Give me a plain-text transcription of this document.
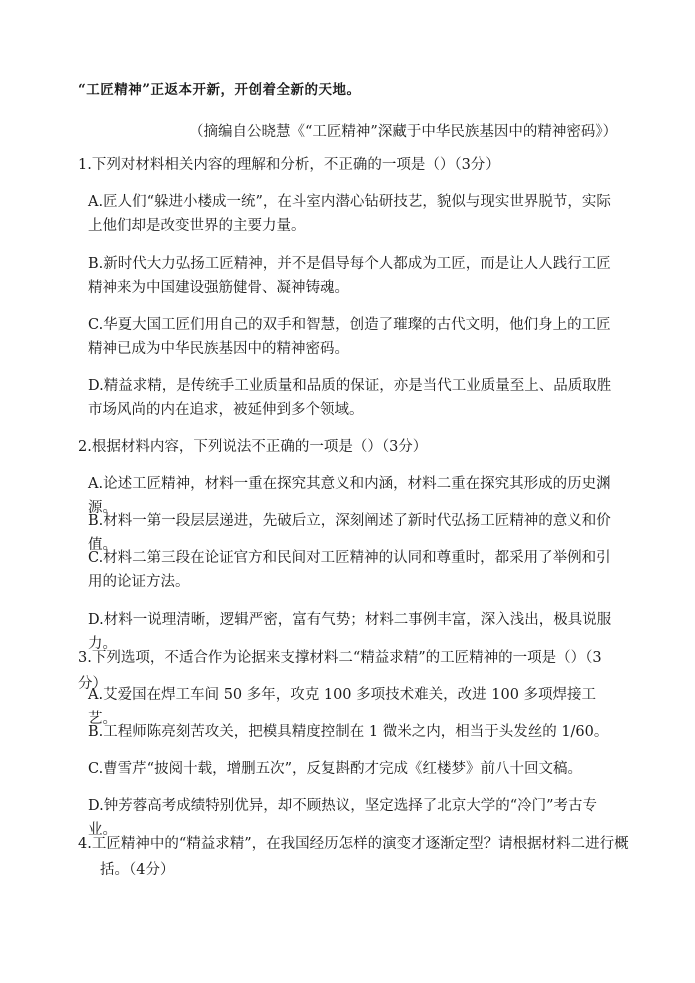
“工匠精神”正返本开新，开创着全新的天地。
（摘编自公晓慧《“工匠精神”深藏于中华民族基因中的精神密码》）
1.下列对材料相关内容的理解和分析，不正确的一项是（）（3分）
A.匠人们“躲进小楼成一统”，在斗室内潜心钻研技艺，貌似与现实世界脱节，实际上他们却是改变世界的主要力量。
B.新时代大力弘扬工匠精神，并不是倡导每个人都成为工匠，而是让人人践行工匠精神来为中国建设强筋健骨、凝神铸魂。
C.华夏大国工匠们用自己的双手和智慧，创造了璀璨的古代文明，他们身上的工匠精神已成为中华民族基因中的精神密码。
D.精益求精，是传统手工业质量和品质的保证，亦是当代工业质量至上、品质取胜市场风尚的内在追求，被延伸到多个领域。
2.根据材料内容，下列说法不正确的一项是（）（3分）
A.论述工匠精神，材料一重在探究其意义和内涵，材料二重在探究其形成的历史渊源。
B.材料一第一段层层递进，先破后立，深刻阐述了新时代弘扬工匠精神的意义和价值。
C.材料二第三段在论证官方和民间对工匠精神的认同和尊重时，都采用了举例和引用的论证方法。
D.材料一说理清晰，逻辑严密，富有气势；材料二事例丰富，深入浅出，极具说服力。
3.下列选项，不适合作为论据来支撑材料二“精益求精”的工匠精神的一项是（）（3分）
A.艾爱国在焊工车间 50 多年，攻克 100 多项技术难关，改进 100 多项焊接工艺。
B.工程师陈亮刻苦攻关，把模具精度控制在 1 微米之内，相当于头发丝的 1/60。
C.曹雪芹“披阅十载，增删五次”，反复斟酌才完成《红楼梦》前八十回文稿。
D.钟芳蓉高考成绩特别优异，却不顾热议，坚定选择了北京大学的“冷门”考古专业。
4.工匠精神中的“精益求精”，在我国经历怎样的演变才逐渐定型？请根据材料二进行概括。（4分）
